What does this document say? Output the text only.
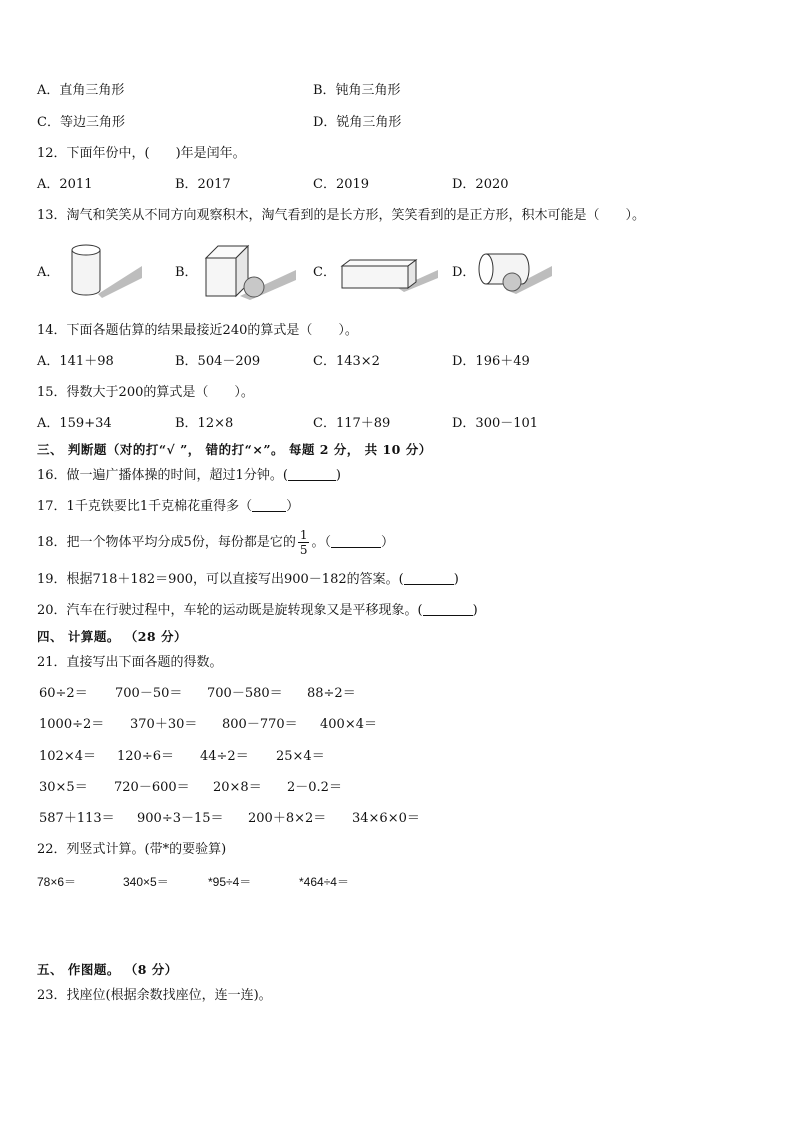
A．直角三角形	B．钝角三角形
C．等边三角形	D．锐角三角形
12．下面年份中，(　　)年是闰年。
A．2011	B．2017	C．2019	D．2020
13．淘气和笑笑从不同方向观察积木，淘气看到的是长方形，笑笑看到的是正方形，积木可能是（　　）。
A．	B．	C．	D．
14．下面各题估算的结果最接近240的算式是（　　）。
A．141＋98	B．504－209	C．143×2	D．196＋49
15．得数大于200的算式是（　　）。
A．159+34	B．12×8	C．117＋89	D．300－101
三、 判断题（对的打“√ ”， 错的打“×”。 每题 2 分， 共 10 分）
16．做一遍广播体操的时间，超过1分钟。(	)
17．1千克铁要比1千克棉花重得多（	）
18．把一个物体平均分成5份，每份都是它的 $\frac{1}{5}$ 。（	）
19．根据718＋182＝900，可以直接写出900－182的答案。(	)
20．汽车在行驶过程中，车轮的运动既是旋转现象又是平移现象。(	)
四、 计算题。 （28 分）
21．直接写出下面各题的得数。
60÷2＝ 700－50＝ 700－580＝ 88÷2＝
1000÷2＝ 370＋30＝ 800－770＝ 400×4＝
102×4＝ 120÷6＝ 44÷2＝ 25×4＝
30×5＝ 720－600＝ 20×8＝ 2－0.2＝
587＋113＝ 900÷3－15＝ 200＋8×2＝ 34×6×0＝
22．列竖式计算。(带*的要验算)
78×6＝	340×5＝	*95÷4＝	*464÷4＝
五、 作图题。 （8 分）
23．找座位(根据余数找座位，连一连)。
